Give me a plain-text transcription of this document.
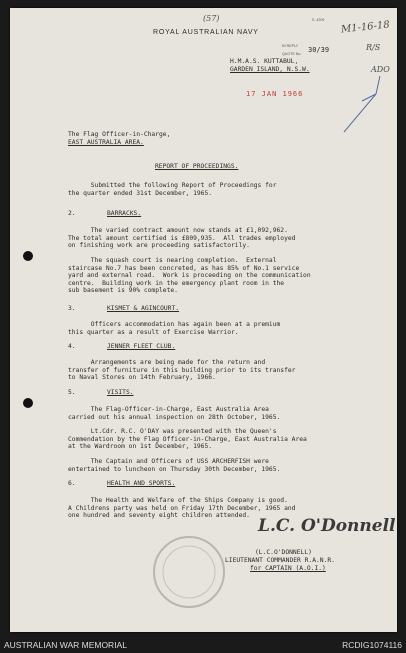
(57)
ROYAL AUSTRALIAN NAVY
S. 4209
IN REPLY
QUOTE No. 30/39
M1-16-18
R/S
ADO
H.M.A.S. KUTTABUL,
GARDEN ISLAND, N.S.W.
17 JAN 1966
The Flag Officer-in-Charge,
EAST AUSTRALIA AREA.
REPORT OF PROCEEDINGS.
Submitted the following Report of Proceedings for
the quarter ended 31st December, 1965.
2.	BARRACKS.
The varied contract amount now stands at £1,092,962.
The total amount certified is £809,935.  All trades employed
on finishing work are proceeding satisfactorily.
The squash court is nearing completion.  External
staircase No.7 has been concreted, as has 85% of No.1 service
yard and external road.  Work is proceeding on the communication
centre.  Building work in the emergency plant room in the
sub basement is 90% complete.
3.	KISMET & AGINCOURT.
Officers accommodation has again been at a premium
this quarter as a result of Exercise Warrior.
4.	JENNER FLEET CLUB.
Arrangements are being made for the return and
transfer of furniture in this building prior to its transfer
to Naval Stores on 14th February, 1966.
5.	VISITS.
The Flag-Officer-in-Charge, East Australia Area
carried out his annual inspection on 28th October, 1965.
Lt.Cdr. R.C. O'DAY was presented with the Queen's
Commendation by the Flag Officer-in-Charge, East Australia Area
at the Wardroom on 1st December, 1965.
The Captain and Officers of USS ARCHERFISH were
entertained to luncheon on Thursday 30th December, 1965.
6.	HEALTH AND SPORTS.
The Health and Welfare of the Ships Company is good.
A Childrens party was held on Friday 17th December, 1965 and
one hundred and seventy eight children attended.
L.C. O'Donnell
(L.C.O'DONNELL)
LIEUTENANT COMMANDER R.A.N.R.
for CAPTAIN (A.O.I.)
AUSTRALIAN WAR MEMORIAL	RCDIG1074116
